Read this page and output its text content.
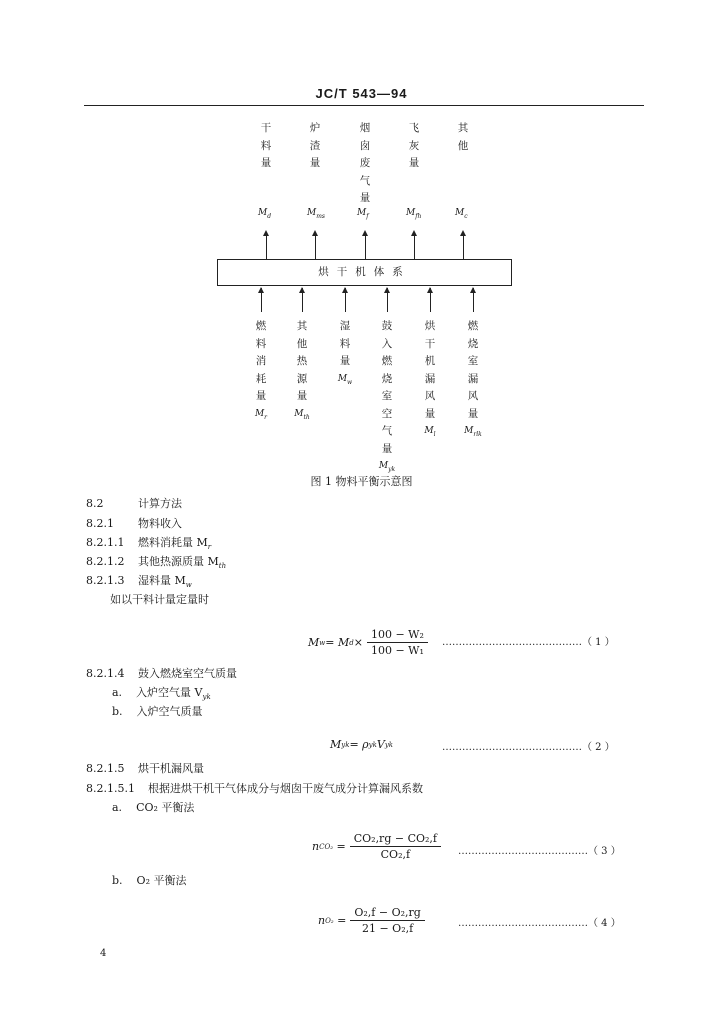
JC/T 543—94
干
料
量
$M_d$
炉
渣
量
$M_{ms}$
烟
囱
废
气
量
$M_f$
飞
灰
量
$M_{fh}$
其
他
$M_c$
燃
料
消
耗
量
$M_r$
其
他
热
源
量
$M_{th}$
湿
料
量
$M_w$
鼓
入
燃
烧
室
空
气
量
$M_{yk}$
烘
干
机
漏
风
量
$M_l$
燃
烧
室
漏
风
量
$M_{rlk}$
烘干机体系
图 1 物料平衡示意图
8.2	计算方法
8.2.1 物料收入
8.2.1.1 燃料消耗量 $M_r$
8.2.1.2 其他热源质量 $M_{th}$
8.2.1.3 湿料量 $M_w$
如以干料计量定量时
M w = M $d \times \frac{\text{100 − W₂}}{\text{100 − W₁}}$ ……………………………………（ 1 ）
8.2.1.4 鼓入燃烧室空气质量
a. 入炉空气量 $V_{yk}$
b. 入炉空气质量
M yk = ρ yk V yk	……………………………………（ 2 ）
8.2.1.5 烘干机漏风量
8.2.1.5.1 根据进烘干机干气体成分与烟囱干废气成分计算漏风系数
a. CO₂ 平衡法
n $CO_2 = \frac{\text{CO₂,rg − CO₂,f}}{\text{CO₂,f}}$ …………………………………（ 3 ）
b. O₂ 平衡法
n $O_2 = \frac{\text{O₂,f − O₂,rg}}{\text{21 − O₂,f}}$	…………………………………（ 4 ）
4
